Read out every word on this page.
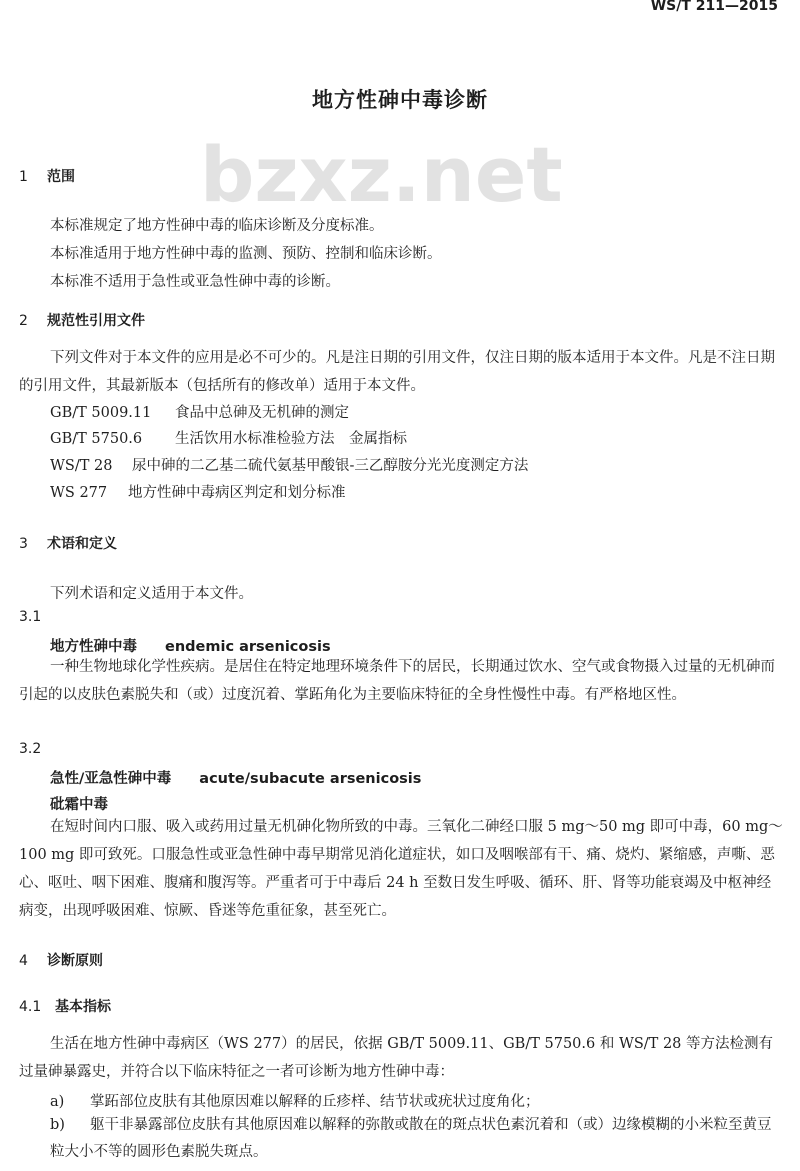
WS/T 211—2015
bzxz.net
地方性砷中毒诊断
1 范围
本标准规定了地方性砷中毒的临床诊断及分度标准。
本标准适用于地方性砷中毒的监测、预防、控制和临床诊断。
本标准不适用于急性或亚急性砷中毒的诊断。
2 规范性引用文件
下列文件对于本文件的应用是必不可少的。凡是注日期的引用文件，仅注日期的版本适用于本文件。凡是不注日期的引用文件，其最新版本（包括所有的修改单）适用于本文件。
GB/T 5009.11 食品中总砷及无机砷的测定
GB/T 5750.6 生活饮用水标准检验方法　金属指标
WS/T 28 尿中砷的二乙基二硫代氨基甲酸银-三乙醇胺分光光度测定方法
WS 277 地方性砷中毒病区判定和划分标准
3 术语和定义
下列术语和定义适用于本文件。
3.1
地方性砷中毒 endemic arsenicosis
一种生物地球化学性疾病。是居住在特定地理环境条件下的居民，长期通过饮水、空气或食物摄入过量的无机砷而引起的以皮肤色素脱失和（或）过度沉着、掌跖角化为主要临床特征的全身性慢性中毒。有严格地区性。
3.2
急性/亚急性砷中毒 acute/subacute arsenicosis
砒霜中毒
在短时间内口服、吸入或药用过量无机砷化物所致的中毒。三氧化二砷经口服 5 mg～50 mg 即可中毒，60 mg～100 mg 即可致死。口服急性或亚急性砷中毒早期常见消化道症状，如口及咽喉部有干、痛、烧灼、紧缩感，声嘶、恶心、呕吐、咽下困难、腹痛和腹泻等。严重者可于中毒后 24 h 至数日发生呼吸、循环、肝、肾等功能衰竭及中枢神经病变，出现呼吸困难、惊厥、昏迷等危重征象，甚至死亡。
4 诊断原则
4.1 基本指标
生活在地方性砷中毒病区（WS 277）的居民，依据 GB/T 5009.11、GB/T 5750.6 和 WS/T 28 等方法检测有过量砷暴露史，并符合以下临床特征之一者可诊断为地方性砷中毒：
a) 掌跖部位皮肤有其他原因难以解释的丘疹样、结节状或疣状过度角化；
b) 躯干非暴露部位皮肤有其他原因难以解释的弥散或散在的斑点状色素沉着和（或）边缘模糊的小米粒至黄豆粒大小不等的圆形色素脱失斑点。
